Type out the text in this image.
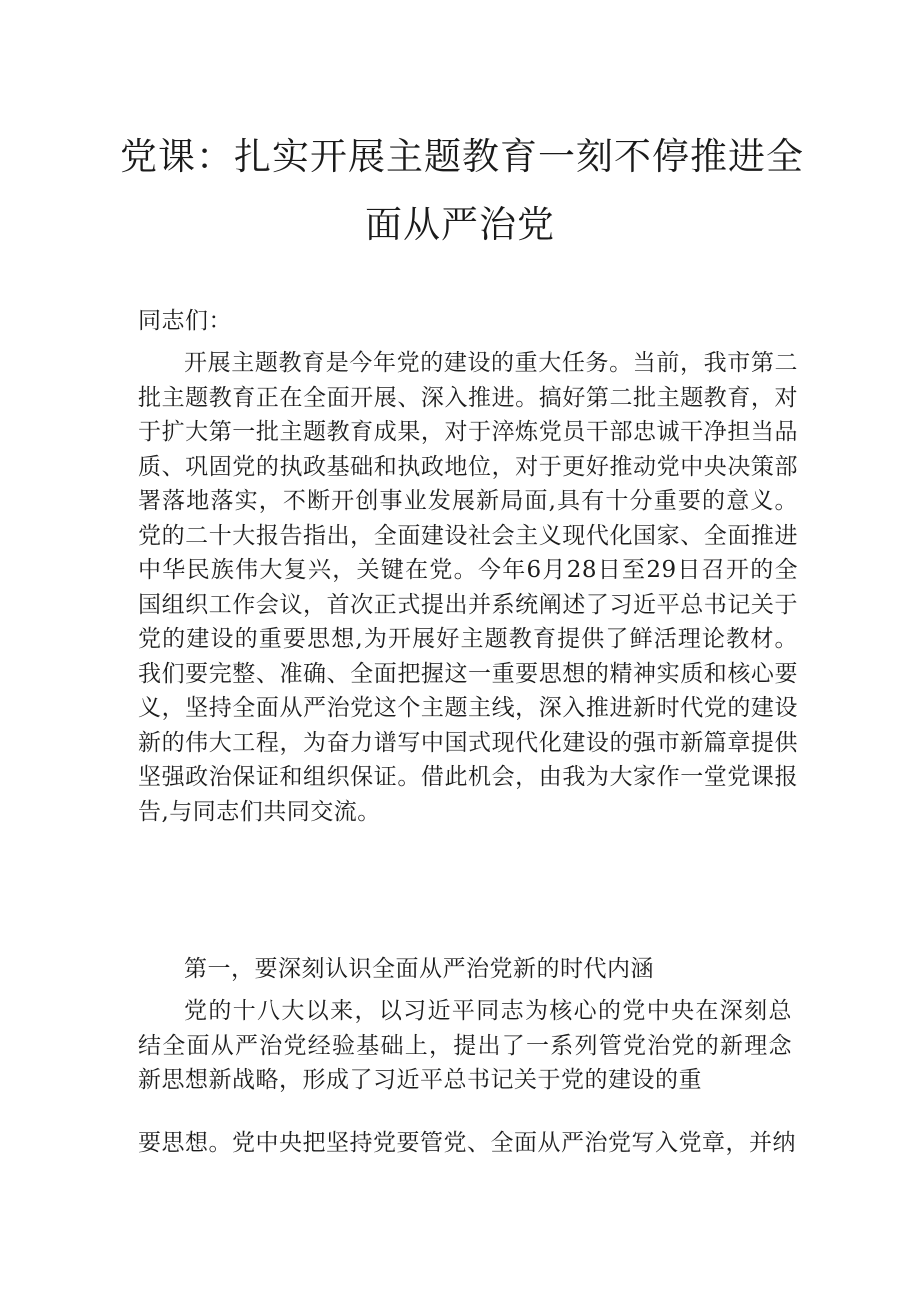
党课：扎实开展主题教育一刻不停推进全
面从严治党
同志们：
开展主题教育是今年党的建设的重大任务。当前，我市第二批主题教育正在全面开展、深入推进。搞好第二批主题教育，对于扩大第一批主题教育成果，对于淬炼党员干部忠诚干净担当品质、巩固党的执政基础和执政地位，对于更好推动党中央决策部署落地落实，不断开创事业发展新局面,具有十分重要的意义。党的二十大报告指出，全面建设社会主义现代化国家、全面推进中华民族伟大复兴，关键在党。今年6月28日至29日召开的全国组织工作会议，首次正式提出并系统阐述了习近平总书记关于党的建设的重要思想,为开展好主题教育提供了鲜活理论教材。我们要完整、准确、全面把握这一重要思想的精神实质和核心要义，坚持全面从严治党这个主题主线，深入推进新时代党的建设新的伟大工程，为奋力谱写中国式现代化建设的强市新篇章提供坚强政治保证和组织保证。借此机会，由我为大家作一堂党课报告,与同志们共同交流。
第一，要深刻认识全面从严治党新的时代内涵
党的十八大以来，以习近平同志为核心的党中央在深刻总结全面从严治党经验基础上，提出了一系列管党治党的新理念新思想新战略，形成了习近平总书记关于党的建设的重
要思想。党中央把坚持党要管党、全面从严治党写入党章，并纳
